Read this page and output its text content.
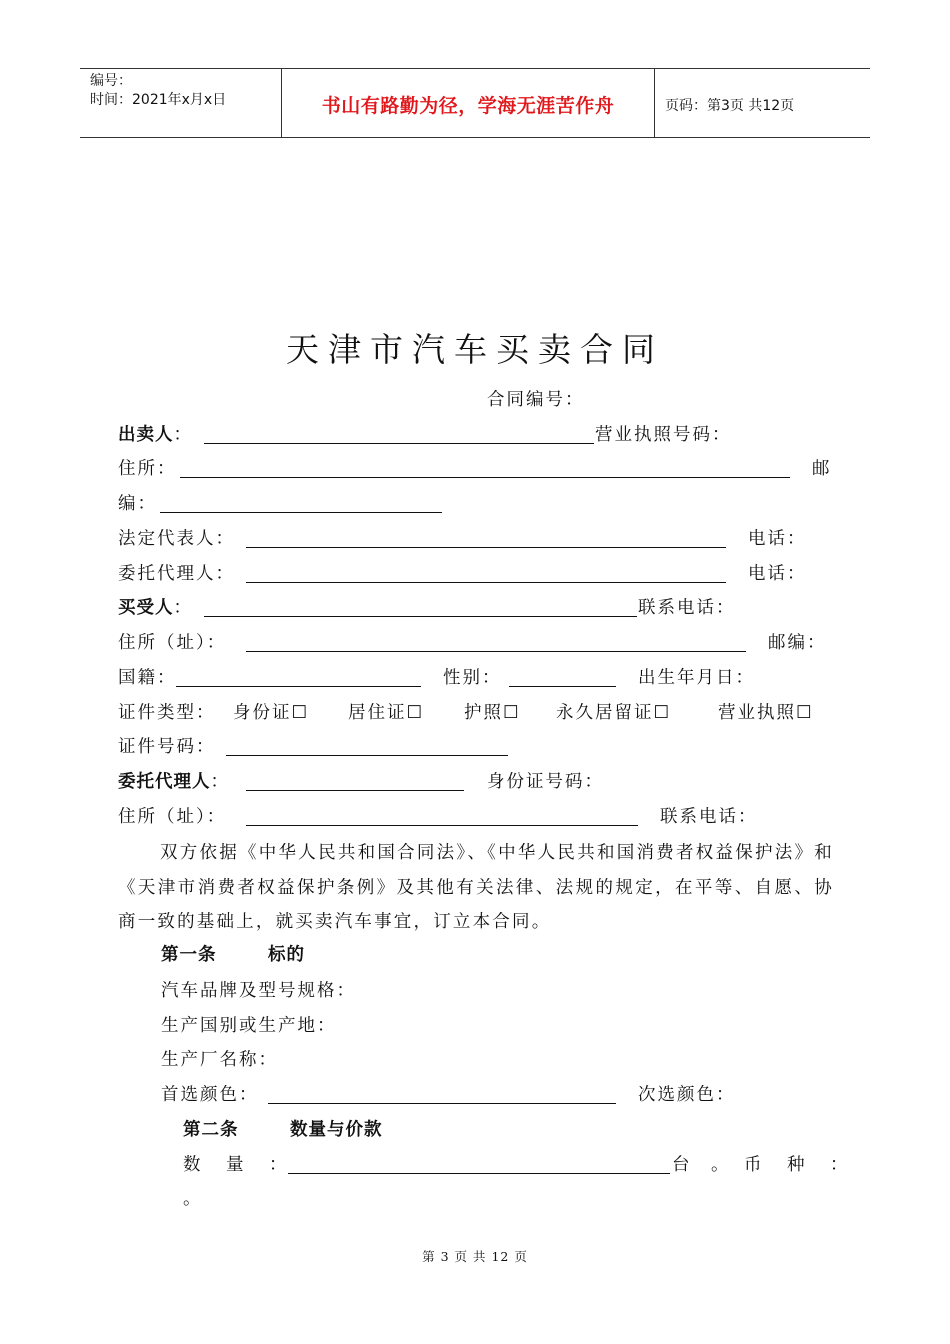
编号：
时间：2021年x月x日	书山有路勤为径，学海无涯苦作舟	页码：第3页 共12页
天津市汽车买卖合同
合同编号：
出卖人：	营业执照号码：
住所：	邮
编：
法定代表人：	电话：
委托代理人：	电话：
买受人：	联系电话：
住所（址）：	邮编：
国籍：	性别：	出生年月日：
证件类型： 身份证☐ 居住证☐ 护照☐ 永久居留证☐	营业执照☐
证件号码：
委托代理人：	身份证号码：
住所（址）：	联系电话：
双方依据《中华人民共和国合同法》、《中华人民共和国消费者权益保护法》和《天津市消费者权益保护条例》及其他有关法律、法规的规定，在平等、自愿、协商一致的基础上，就买卖汽车事宜，订立本合同。
第一条	标的
汽车品牌及型号规格：
生产国别或生产地：
生产厂名称：
首选颜色：	次选颜色：
第二条	数量与价款
数　量　：	台　。 币　种　：
。
第 3 页 共 12 页
